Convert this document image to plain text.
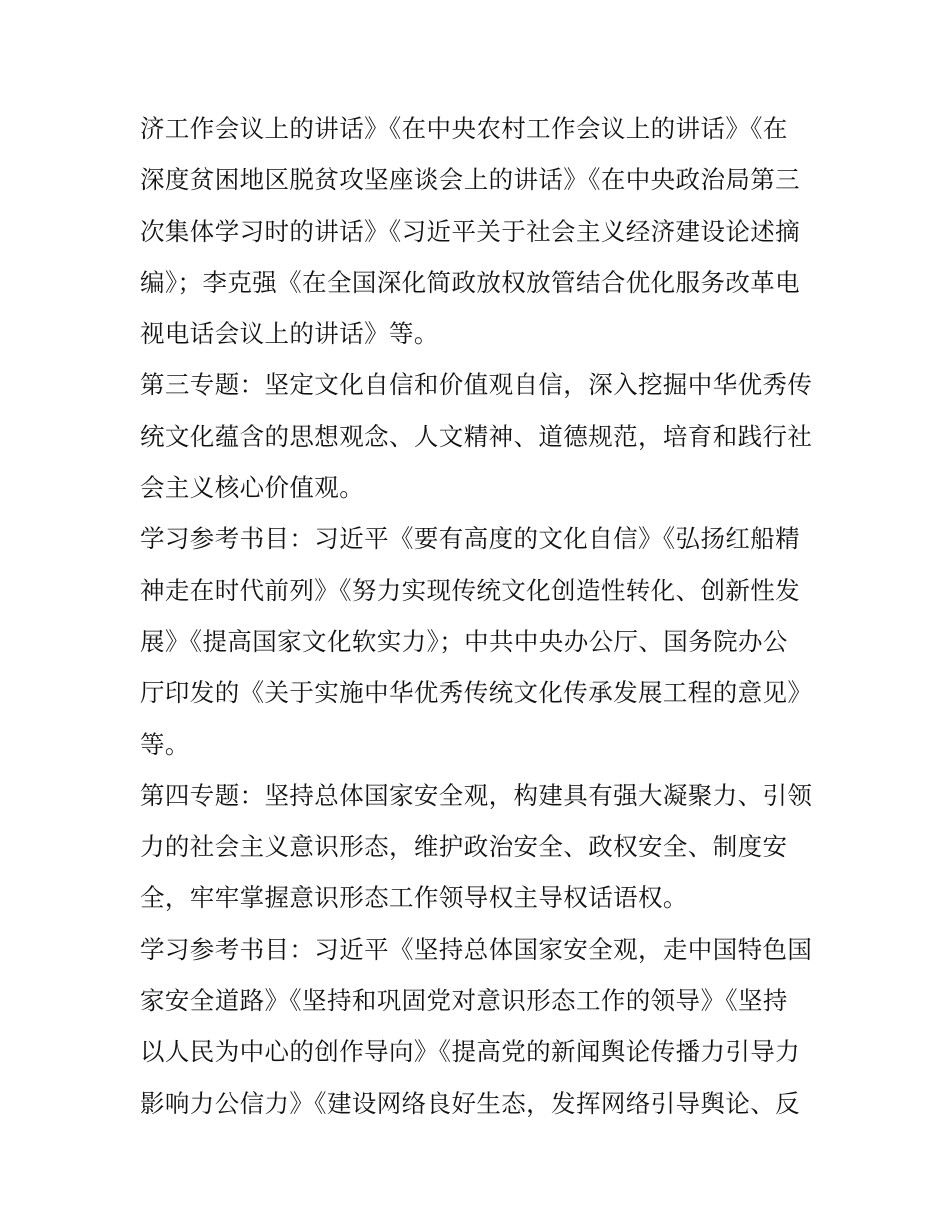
济工作会议上的讲话》《在中央农村工作会议上的讲话》《在
深度贫困地区脱贫攻坚座谈会上的讲话》《在中央政治局第三
次集体学习时的讲话》《习近平关于社会主义经济建设论述摘
编》；李克强《在全国深化简政放权放管结合优化服务改革电
视电话会议上的讲话》等。
第三专题：坚定文化自信和价值观自信，深入挖掘中华优秀传
统文化蕴含的思想观念、人文精神、道德规范，培育和践行社
会主义核心价值观。
学习参考书目：习近平《要有高度的文化自信》《弘扬红船精
神走在时代前列》《努力实现传统文化创造性转化、创新性发
展》《提高国家文化软实力》；中共中央办公厅、国务院办公
厅印发的《关于实施中华优秀传统文化传承发展工程的意见》
等。
第四专题：坚持总体国家安全观，构建具有强大凝聚力、引领
力的社会主义意识形态，维护政治安全、政权安全、制度安
全，牢牢掌握意识形态工作领导权主导权话语权。
学习参考书目：习近平《坚持总体国家安全观，走中国特色国
家安全道路》《坚持和巩固党对意识形态工作的领导》《坚持
以人民为中心的创作导向》《提高党的新闻舆论传播力引导力
影响力公信力》《建设网络良好生态，发挥网络引导舆论、反
